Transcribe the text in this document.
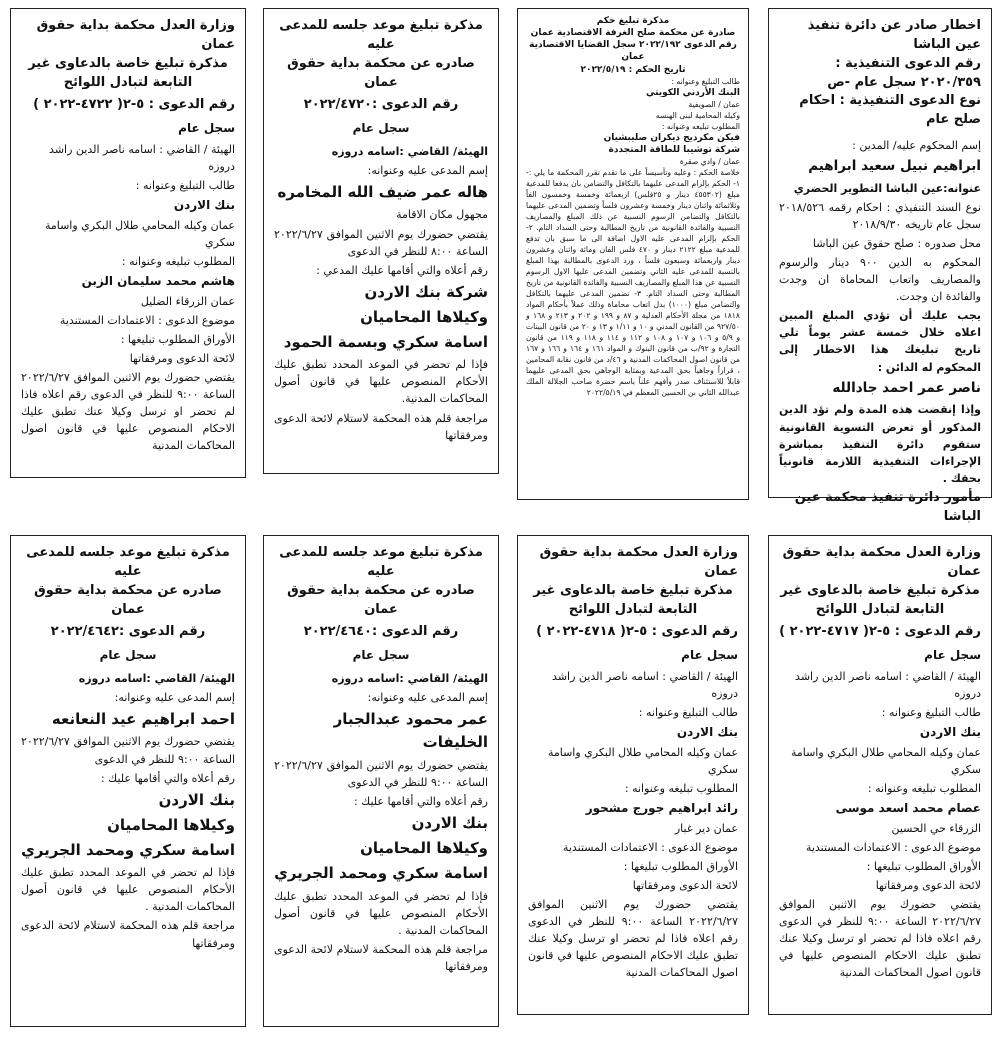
اخطار صادر عن دائرة تنفيذ عين الباشا
رقم الدعوى التنفيذية :
٢٠٢٠/٣٥٩ سجل عام -ص
نوع الدعوى التنفيذية : احكام صلح عام
إسم المحكوم عليه/ المدين :
ابراهيم نبيل سعيد ابراهيم
عنوانه:عين الباشا التطوير الحضري
نوع السند التنفيذي : احكام رقمه ٢٠١٨/٥٢٦ سجل عام تاريخه ٢٠١٨/٩/٣٠
محل صدوره : صلح حقوق عين الباشا
المحكوم به الدين ٩٠٠ دينار والرسوم والمصاريف واتعاب المحاماة ان وجدت والفائدة ان وجدت.
يجب عليك أن تؤدي المبلغ المبين اعلاه خلال خمسة عشر يوماً تلي تاريخ تبليغك هذا الاخطار إلى المحكوم له الدائن :
ناصر عمر احمد جادالله
وإذا إنقضت هذه المدة ولم تؤد الدين المذكور أو تعرض التسوية القانونية ستقوم دائرة التنفيذ بمباشرة الإجراءات التنفيذية اللازمة قانونياً بحقك .
مأمور دائرة تنفيذ محكمة عين الباشا
مذكرة تبليغ حكم
صادرة عن محكمة صلح الغرفة الاقتصادية عمان
رقم الدعوى ٢٠٢٢/١٩٢ سجل القضايا الاقتصادية عمان
تاريخ الحكم : ٢٠٢٢/٥/١٩
طالب التبليغ وعنوانه :
البنك الأردني الكويتي
عمان / الصويفية
وكيله المحامية لبنى الهنسه
المطلوب تبليغه وعنوانه :
فيكن مكرديج ديكران صليبشيان
شركة توشيبا للطاقة المتجددة
عمان / وادي صقرة
خلاصة الحكم : وعليه وتأسيساً على ما تقدم تقرر المحكمة ما يلي :- ١- الحكم بإلزام المدعى عليهما بالتكافل والتضامن بان يدفعا للمدعية مبلغ (٤٥٥٣٠٢ دينار و ٢٥فلس) اربعمائة وخمسة وخمسون الفاً وثلاثمائة واثنان دينار وخمسة وعشرون فلساً وتضمين المدعى عليهما بالتكافل والتضامن الرسوم النسبية عن ذلك المبلغ والمصاريف النسبية والفائدة القانونية من تاريخ المطالبة وحتى السداد التام. ٢- الحكم بإلزام المدعى عليه الاول اضافة الى ما سبق بان تدفع للمدعية مبلغ ٢١٢٢ دينار و ٤٧٠ فلس الفان ومائة واثنان وعشرون دينار واربعمائة وسبعون فلساً ، ورد الدعوى بالمطالبة بهذا المبلغ بالنسبة للمدعى عليه الثاني وتضمين المدعى عليها الاول الرسوم النسبية عن هذا المبلغ والمصاريف النسبية والفائدة القانونية من تاريخ المطالبة وحتى السداد التام. ٣- تضمين المدعى عليهما بالتكافل والتضامن مبلغ (١٠٠٠) بدل اتعاب محاماة وذلك عملاً بأحكام المواد ١٨١٨ من مجلة الأحكام العدلية و ٨٧ و ١٩٩ و ٢٠٢ و ٢١٣ و ١٦٨ و ٩٢٧/٥٠ من القانون المدني و ١٠ و ١/١١ و ١٣ و ٢٠ من قانون البينات و ٥/٩ و ١٠٦ و ١٠٧ و ١٠٨ و ١١٢ و ١١٤ و ١١٨ و ١١٩ من قانون التجارة و ٩٢/ب من قانون البنوك و المواد ١٦١ و ١٦٤ و ١٦٦ و ١٦٧ من قانون اصول المحاكمات المدنية و ٤٦/د من قانون نقابة المحامين ، قراراً وجاهياً بحق المدعية وبمثابة الوجاهي بحق المدعى عليهما قابلاً للاستئناف صدر وأفهم علناً باسم حضرة صاحب الجلالة الملك عبدالله الثاني بن الحسين المعظم في ٢٠٢٢/٥/١٩
مذكرة تبليغ موعد جلسه للمدعى عليه
صادره عن محكمة بداية حقوق عمان
رقم الدعوى :٢٠٢٢/٤٧٢٠
سجل عام
الهيئة/ القاضي :اسامه دروزه
إسم المدعى عليه وعنوانه:
هاله عمر ضيف الله المخامره
مجهول مكان الاقامة
يقتضي حضورك يوم الاثنين الموافق ٢٠٢٢/٦/٢٧ الساعة ٨:٠٠ للنظر في الدعوى
رقم أعلاه والتي أقامها عليك المدعي :
شركة بنك الاردن
وكيلاها المحاميان
اسامة سكري وبسمة الحمود
فإذا لم تحضر في الموعد المحدد تطبق عليك الأحكام المنصوص عليها في قانون أصول المحاكمات المدنية.
مراجعة قلم هذه المحكمة لاستلام لائحة الدعوى ومرفقاتها
وزارة العدل محكمة بداية حقوق عمان
مذكرة تبليغ خاصة بالدعاوى غير التابعة لتبادل اللوائح
رقم الدعوى : ٥-٢( ٤٧٢٢-٢٠٢٢ )
سجل عام
الهيئة / القاضي : اسامه ناصر الدين راشد دروزه
طالب التبليغ وعنوانه :
بنك الاردن
عمان وكيله المحامي طلال البكري واسامة سكري
المطلوب تبليغه وعنوانه :
هاشم محمد سليمان الزبن
عمان الزرقاء الضليل
موضوع الدعوى : الاعتمادات المستندية
الأوراق المطلوب تبليغها :
لائحة الدعوى ومرفقاتها
يقتضي حضورك يوم الاثنين الموافق ٢٠٢٢/٦/٢٧ الساعة ٩:٠٠ للنظر في الدعوى رقم اعلاه فاذا لم تحضر او ترسل وكيلا عنك تطبق عليك الاحكام المنصوص عليها في قانون اصول المحاكمات المدنية
وزارة العدل محكمة بداية حقوق عمان
مذكرة تبليغ خاصة بالدعاوى غير التابعة لتبادل اللوائح
رقم الدعوى : ٥-٢( ٤٧١٧-٢٠٢٢ )
سجل عام
الهيئة / القاضي : اسامه ناصر الدين راشد دروزه
طالب التبليغ وعنوانه :
بنك الاردن
عمان وكيله المحامي طلال البكري واسامة سكري
المطلوب تبليغه وعنوانه :
عصام محمد اسعد موسى
الزرقاء حي الحسين
موضوع الدعوى : الاعتمادات المستندية
الأوراق المطلوب تبليغها :
لائحة الدعوى ومرفقاتها
يقتضي حضورك يوم الاثنين الموافق ٢٠٢٢/٦/٢٧ الساعة ٩:٠٠ للنظر في الدعوى رقم اعلاه فاذا لم تحضر او ترسل وكيلا عنك تطبق عليك الاحكام المنصوص عليها في قانون اصول المحاكمات المدنية
وزارة العدل محكمة بداية حقوق عمان
مذكرة تبليغ خاصة بالدعاوى غير التابعة لتبادل اللوائح
رقم الدعوى : ٥-٢( ٤٧١٨-٢٠٢٢ )
سجل عام
الهيئة / القاضي : اسامه ناصر الدين راشد دروزه
طالب التبليغ وعنوانه :
بنك الاردن
عمان وكيله المحامي طلال البكري واسامة سكري
المطلوب تبليغه وعنوانه :
رائد ابراهيم جورج مشحور
عمان دير غبار
موضوع الدعوى : الاعتمادات المستندية
الأوراق المطلوب تبليغها :
لائحة الدعوى ومرفقاتها
يقتضي حضورك يوم الاثنين الموافق ٢٠٢٢/٦/٢٧ الساعة ٩:٠٠ للنظر في الدعوى رقم اعلاه فاذا لم تحضر او ترسل وكيلا عنك تطبق عليك الاحكام المنصوص عليها في قانون اصول المحاكمات المدنية
مذكرة تبليغ موعد جلسه للمدعى عليه
صادره عن محكمة بداية حقوق عمان
رقم الدعوى :٢٠٢٢/٤٦٤٠
سجل عام
الهيئة/ القاضي :اسامه دروزه
إسم المدعى عليه وعنوانه:
عمر محمود عبدالجبار الخليفات
يقتضي حضورك يوم الاثنين الموافق ٢٠٢٢/٦/٢٧ الساعة ٩:٠٠ للنظر في الدعوى
رقم أعلاه والتي أقامها عليك :
بنك الاردن
وكيلاها المحاميان
اسامة سكري ومحمد الجريري
فإذا لم تحضر في الموعد المحدد تطبق عليك الأحكام المنصوص عليها في قانون أصول المحاكمات المدنية .
مراجعة قلم هذه المحكمة لاستلام لائحة الدعوى ومرفقاتها
مذكرة تبليغ موعد جلسه للمدعى عليه
صادره عن محكمة بداية حقوق عمان
رقم الدعوى :٢٠٢٢/٤٦٤٢
سجل عام
الهيئة/ القاضي :اسامه دروزه
إسم المدعى عليه وعنوانه:
احمد ابراهيم عيد النعانعه
يقتضي حضورك يوم الاثنين الموافق ٢٠٢٢/٦/٢٧ الساعة ٩:٠٠ للنظر في الدعوى
رقم أعلاه والتي أقامها عليك :
بنك الاردن
وكيلاها المحاميان
اسامة سكري ومحمد الجريري
فإذا لم تحضر في الموعد المحدد تطبق عليك الأحكام المنصوص عليها في قانون أصول المحاكمات المدنية .
مراجعة قلم هذه المحكمة لاستلام لائحة الدعوى ومرفقاتها
